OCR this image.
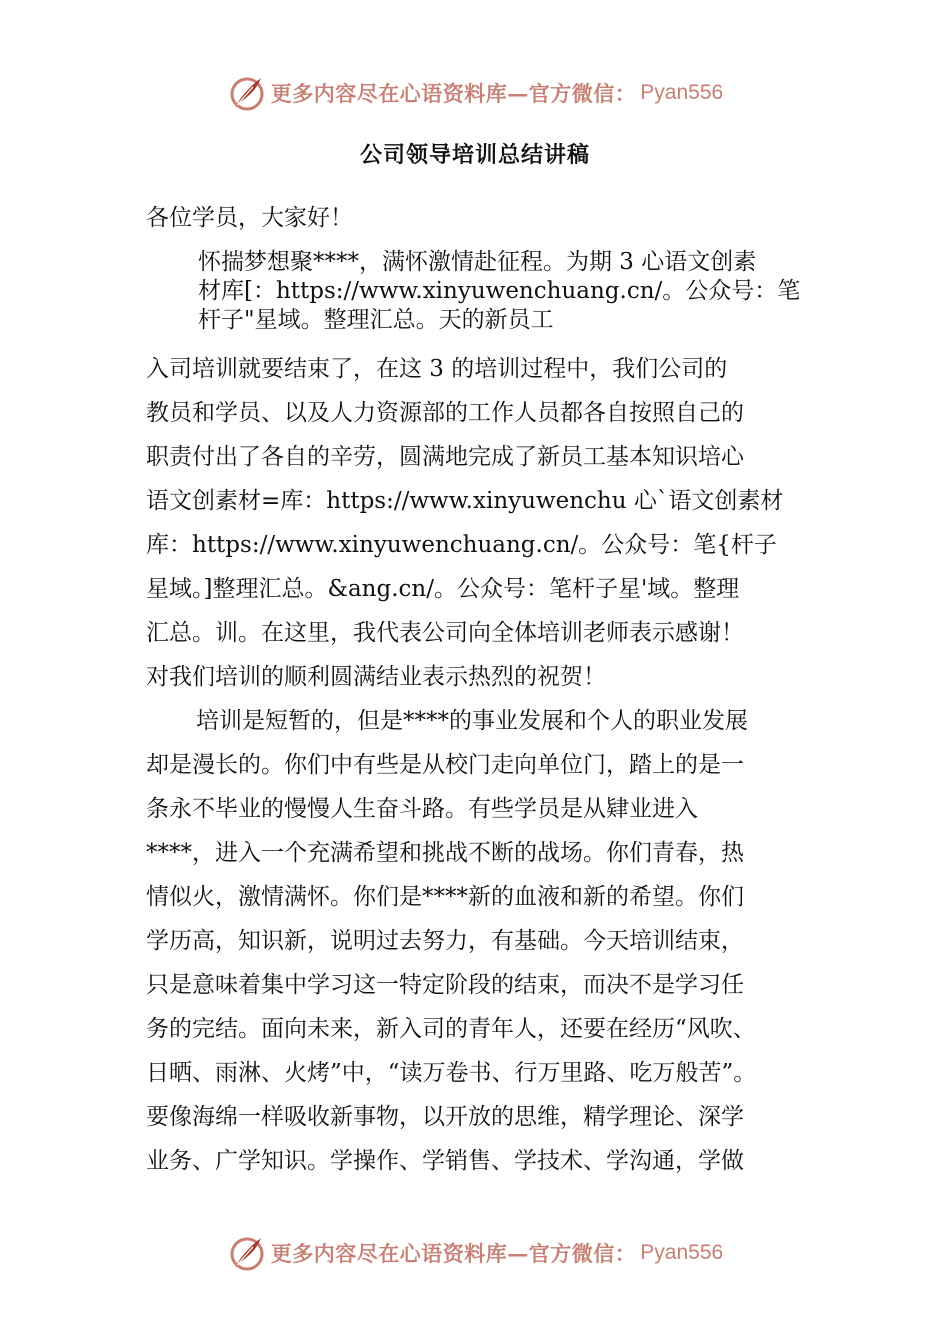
更多内容尽在心语资料库—官方微信： Pyan556
公司领导培训总结讲稿
各位学员，大家好！
怀揣梦想聚****，满怀激情赴征程。为期 3 心语文创素
材库[：https://www.xinyuwenchuang.cn/。公众号：笔
杆子"星域。整理汇总。天的新员工
入司培训就要结束了，在这 3 的培训过程中，我们公司的
教员和学员、以及人力资源部的工作人员都各自按照自己的
职责付出了各自的辛劳，圆满地完成了新员工基本知识培心
语文创素材=库：https://www.xinyuwenchu 心`语文创素材
库：https://www.xinyuwenchuang.cn/。公众号：笔{杆子
星域。]整理汇总。&ang.cn/。公众号：笔杆子星'域。整理
汇总。训。在这里，我代表公司向全体培训老师表示感谢！
对我们培训的顺利圆满结业表示热烈的祝贺！
培训是短暂的，但是****的事业发展和个人的职业发展
却是漫长的。你们中有些是从校门走向单位门，踏上的是一
条永不毕业的慢慢人生奋斗路。有些学员是从肄业进入
****，进入一个充满希望和挑战不断的战场。你们青春，热
情似火，激情满怀。你们是****新的血液和新的希望。你们
学历高，知识新，说明过去努力，有基础。今天培训结束，
只是意味着集中学习这一特定阶段的结束，而决不是学习任
务的完结。面向未来，新入司的青年人，还要在经历“风吹、
日晒、雨淋、火烤”中，“读万卷书、行万里路、吃万般苦”。
要像海绵一样吸收新事物，以开放的思维，精学理论、深学
业务、广学知识。学操作、学销售、学技术、学沟通，学做
更多内容尽在心语资料库—官方微信： Pyan556
